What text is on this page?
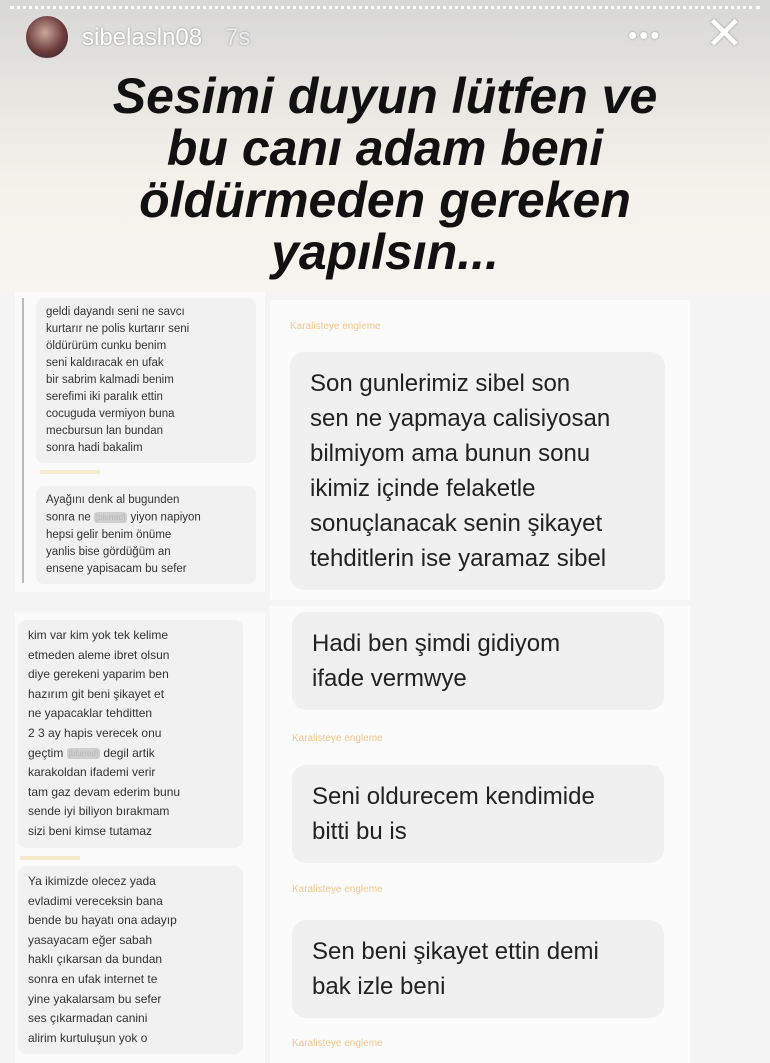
sibelasln08 7s	••• ✕
Sesimi duyun lütfen ve
bu canı adam beni
öldürmeden gereken
yapılsın...
geldi dayandı seni ne savcı
kurtarır ne polis kurtarır seni
öldürürüm cunku benim
seni kaldıracak en ufak
bir sabrim kalmadi benim
serefimi iki paralık ettin
cocuguda vermiyon buna
mecbursun lan bundan
sonra hadi bakalim
Ayağını denk al bugunden
sonra ne [blurred] yiyon napiyon
hepsi gelir benim önüme
yanlis bise gördüğüm an
ensene yapisacam bu sefer
kim var kim yok tek kelime
etmeden aleme ibret olsun
diye gerekeni yaparim ben
hazırım git beni şikayet et
ne yapacaklar tehditten
2 3 ay hapis verecek onu
geçtim [blurred] degil artik
karakoldan ifademi verir
tam gaz devam ederim bunu
sende iyi biliyon bırakmam
sizi beni kimse tutamaz
Ya ikimizde olecez yada
evladimi vereceksin bana
bende bu hayatı ona adayıp
yasayacam eğer sabah
haklı çıkarsan da bundan
sonra en ufak internet te
yine yakalarsam bu sefer
ses çıkarmadan canini
alirim kurtuluşun yok o
Karalisteye engleme
Son gunlerimiz sibel son
sen ne yapmaya calisiyosan
bilmiyom ama bunun sonu
ikimiz içinde felaketle
sonuçlanacak senin şikayet
tehditlerin ise yaramaz sibel
Hadi ben şimdi gidiyom
ifade vermwye
Karalisteye engleme
Seni oldurecem kendimide
bitti bu is
Karalisteye engleme
Sen beni şikayet ettin demi
bak izle beni
Karalisteye engleme
